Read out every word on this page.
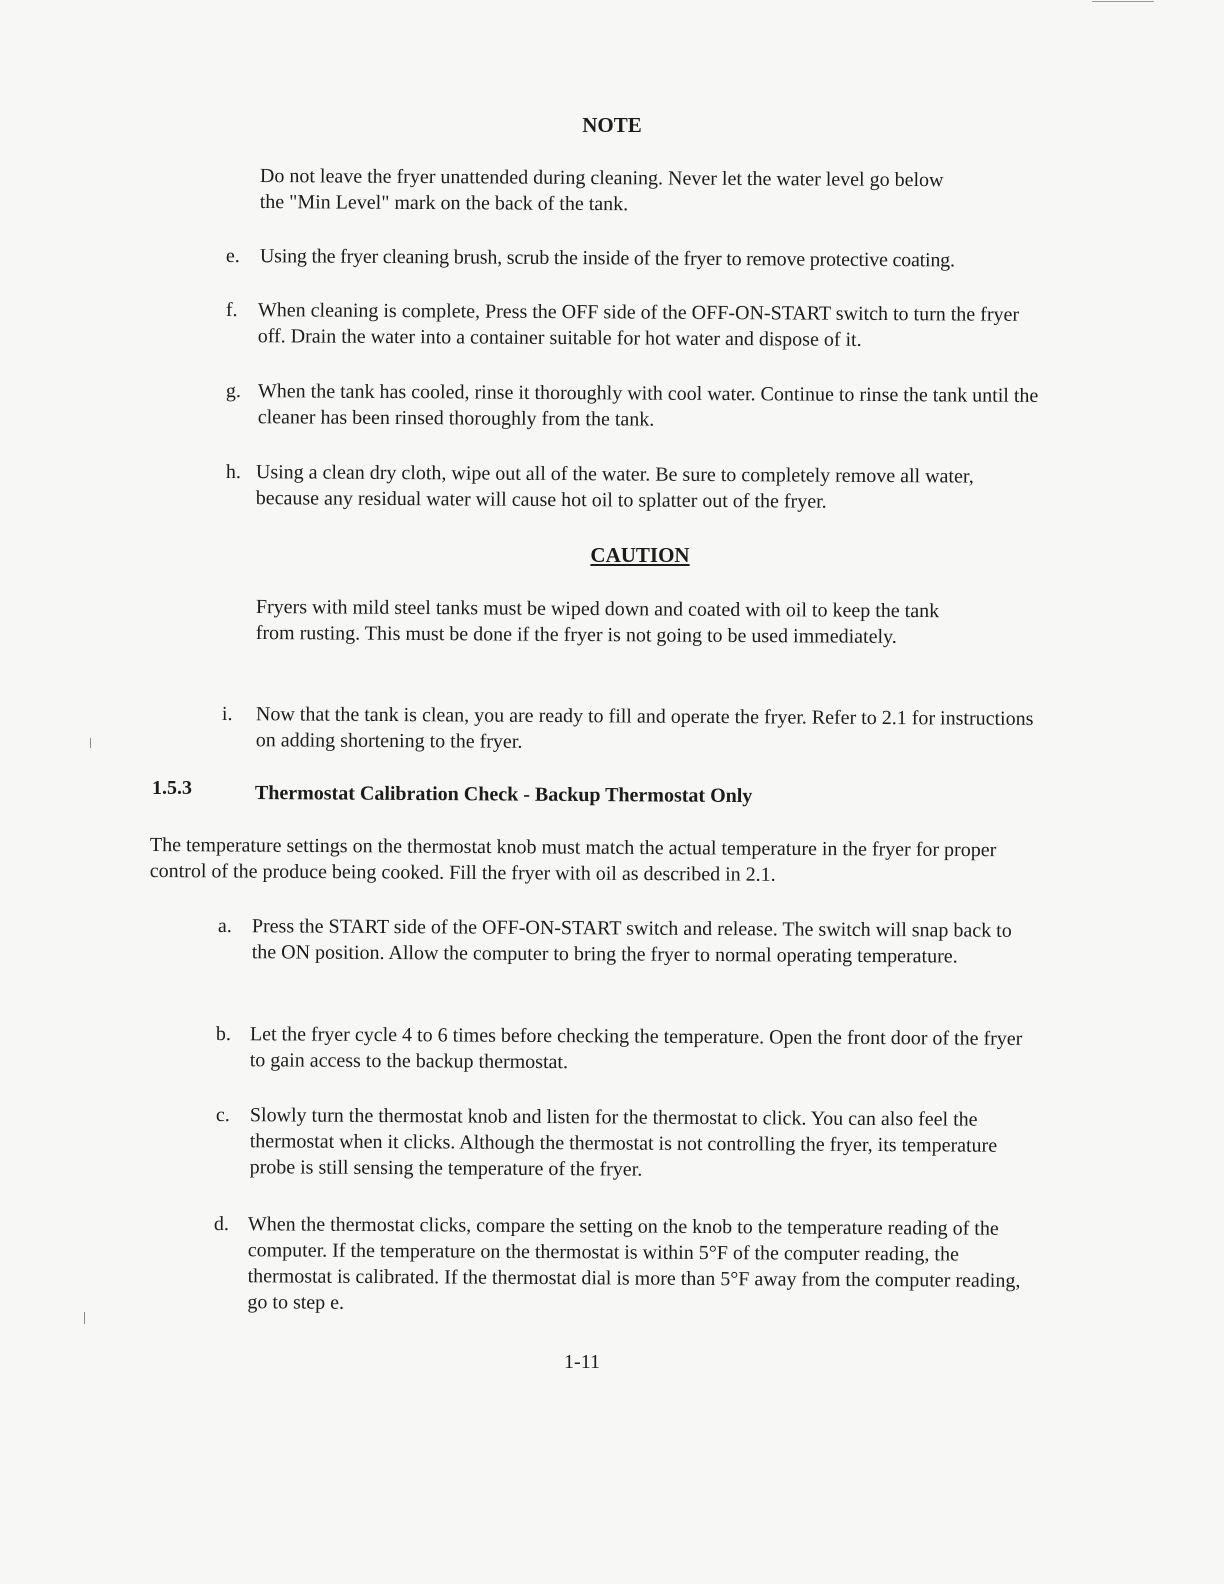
NOTE
Do not leave the fryer unattended during cleaning. Never let the water level go below the "Min Level" mark on the back of the tank.
e. Using the fryer cleaning brush, scrub the inside of the fryer to remove protective coating.
f. When cleaning is complete, Press the OFF side of the OFF-ON-START switch to turn the fryer off. Drain the water into a container suitable for hot water and dispose of it.
g. When the tank has cooled, rinse it thoroughly with cool water. Continue to rinse the tank until the cleaner has been rinsed thoroughly from the tank.
h. Using a clean dry cloth, wipe out all of the water. Be sure to completely remove all water, because any residual water will cause hot oil to splatter out of the fryer.
CAUTION
Fryers with mild steel tanks must be wiped down and coated with oil to keep the tank from rusting. This must be done if the fryer is not going to be used immediately.
i. Now that the tank is clean, you are ready to fill and operate the fryer. Refer to 2.1 for instructions on adding shortening to the fryer.
1.5.3	Thermostat Calibration Check - Backup Thermostat Only
The temperature settings on the thermostat knob must match the actual temperature in the fryer for proper control of the produce being cooked. Fill the fryer with oil as described in 2.1.
a. Press the START side of the OFF-ON-START switch and release. The switch will snap back to the ON position. Allow the computer to bring the fryer to normal operating temperature.
b. Let the fryer cycle 4 to 6 times before checking the temperature. Open the front door of the fryer to gain access to the backup thermostat.
c. Slowly turn the thermostat knob and listen for the thermostat to click. You can also feel the thermostat when it clicks. Although the thermostat is not controlling the fryer, its temperature probe is still sensing the temperature of the fryer.
d. When the thermostat clicks, compare the setting on the knob to the temperature reading of the computer. If the temperature on the thermostat is within 5°F of the computer reading, the thermostat is calibrated. If the thermostat dial is more than 5°F away from the computer reading, go to step e.
1-11
